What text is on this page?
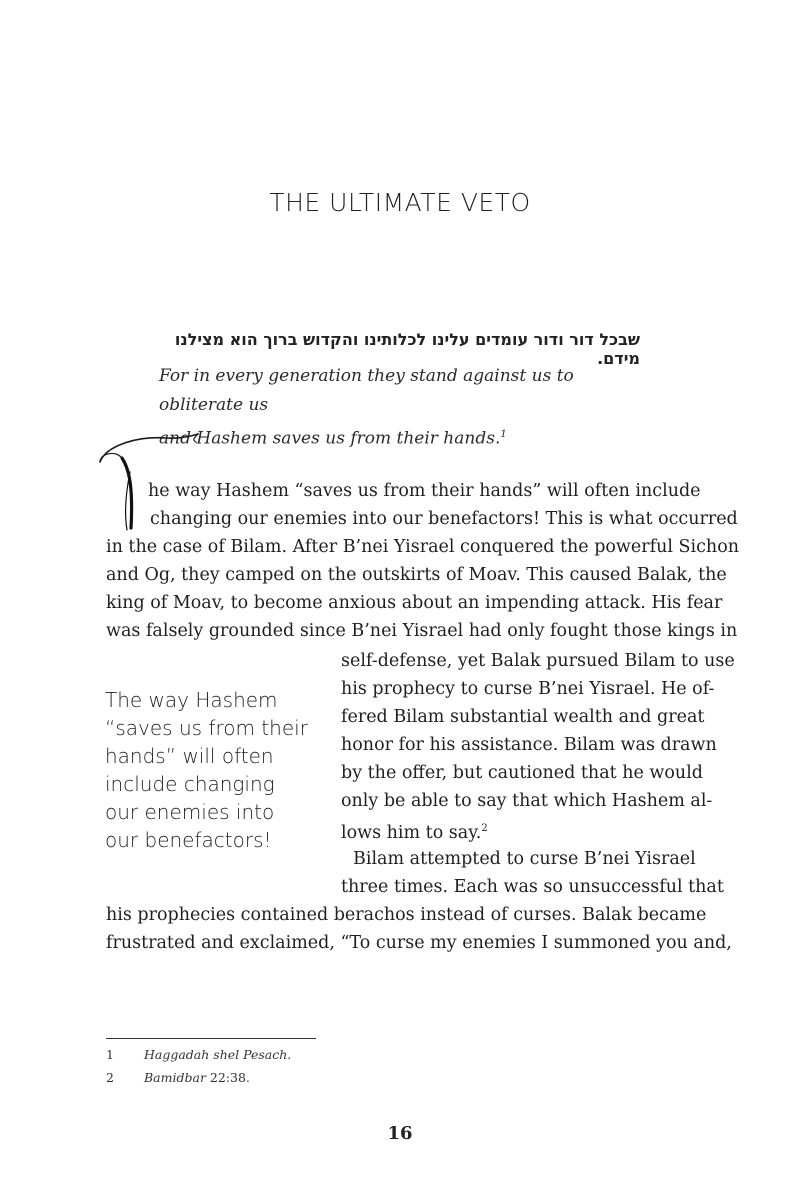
THE ULTIMATE VETO
שבכל דור ודור עומדים עלינו לכלותינו והקדוש ברוך הוא מצילנו מידם.
For in every generation they stand against us to obliterate us
and Hashem saves us from their hands.$^1$
he way Hashem “saves us from their hands” will often include
changing our enemies into our benefactors! This is what occurred
in the case of Bilam. After B’nei Yisrael conquered the powerful Sichon
and Og, they camped on the outskirts of Moav. This caused Balak, the
king of Moav, to become anxious about an impending attack. His fear
was falsely grounded since B’nei Yisrael had only fought those kings in
self-defense, yet Balak pursued Bilam to use
his prophecy to curse B’nei Yisrael. He of-
fered Bilam substantial wealth and great
honor for his assistance. Bilam was drawn
by the offer, but cautioned that he would
only be able to say that which Hashem al-
lows him to say.$^2$
Bilam attempted to curse B’nei Yisrael
three times. Each was so unsuccessful that
his prophecies contained berachos instead of curses. Balak became
frustrated and exclaimed, “To curse my enemies I summoned you and,
The way Hashem
“saves us from their
hands” will often
include changing
our enemies into
our benefactors!
1 Haggadah shel Pesach.
2 Bamidbar 22:38.
16
